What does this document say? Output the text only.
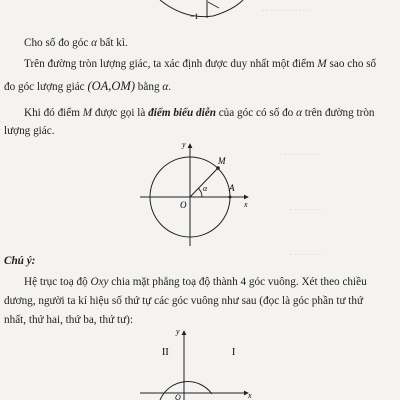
- - - - - - - - - - - -
- - - - - - - - - -
- - - - - - - -
- - - - - - - -
−1
Cho số đo góc α bất kì.
Trên đường tròn lượng giác, ta xác định được duy nhất một điểm M sao cho số
đo góc lượng giác (OA,OM) bằng α.
Khi đó điểm M được gọi là điểm biểu diễn của góc có số đo α trên đường tròn
lượng giác.
y
x
M
A
O
α
Chú ý:
Hệ trục toạ độ Oxy chia mặt phẳng toạ độ thành 4 góc vuông. Xét theo chiều
dương, người ta kí hiệu số thứ tự các góc vuông như sau (đọc là góc phần tư thứ
nhất, thứ hai, thứ ba, thứ tư):
y
x
O
II	I
